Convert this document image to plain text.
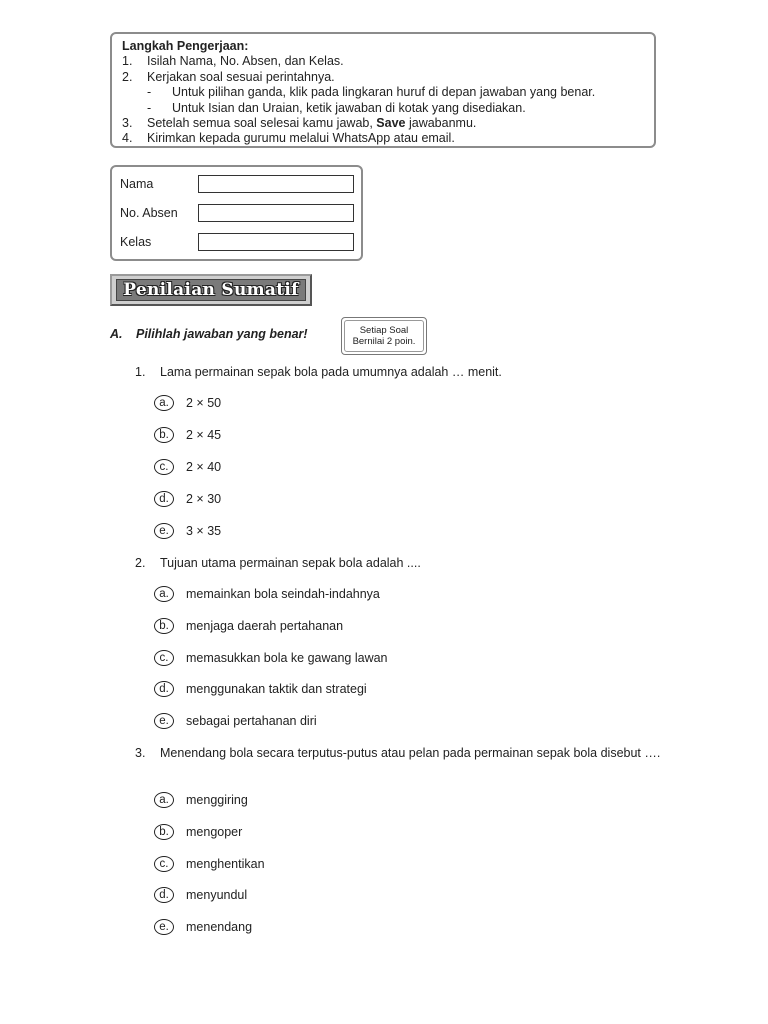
Langkah Pengerjaan:
1.	Isilah Nama, No. Absen, dan Kelas.
2.	Kerjakan soal sesuai perintahnya.
-	Untuk pilihan ganda, klik pada lingkaran huruf di depan jawaban yang benar.
-	Untuk Isian dan Uraian, ketik jawaban di kotak yang disediakan.
3.	Setelah semua soal selesai kamu jawab, Save jawabanmu.
4.	Kirimkan kepada gurumu melalui WhatsApp atau email.
Nama
No. Absen
Kelas
Penilaian Sumatif
A.	Pilihlah jawaban yang benar!	Setiap Soal
Bernilai 2 poin.
1.	Lama permainan sepak bola pada umumnya adalah … menit.
a.	2 × 50
b.	2 × 45
c.	2 × 40
d.	2 × 30
e.	3 × 35
2.	Tujuan utama permainan sepak bola adalah ....
a.	memainkan bola seindah-indahnya
b.	menjaga daerah pertahanan
c.	memasukkan bola ke gawang lawan
d.	menggunakan taktik dan strategi
e.	sebagai pertahanan diri
3.	Menendang bola secara terputus-putus atau pelan pada permainan sepak bola disebut ….
a.	menggiring
b.	mengoper
c.	menghentikan
d.	menyundul
e.	menendang
